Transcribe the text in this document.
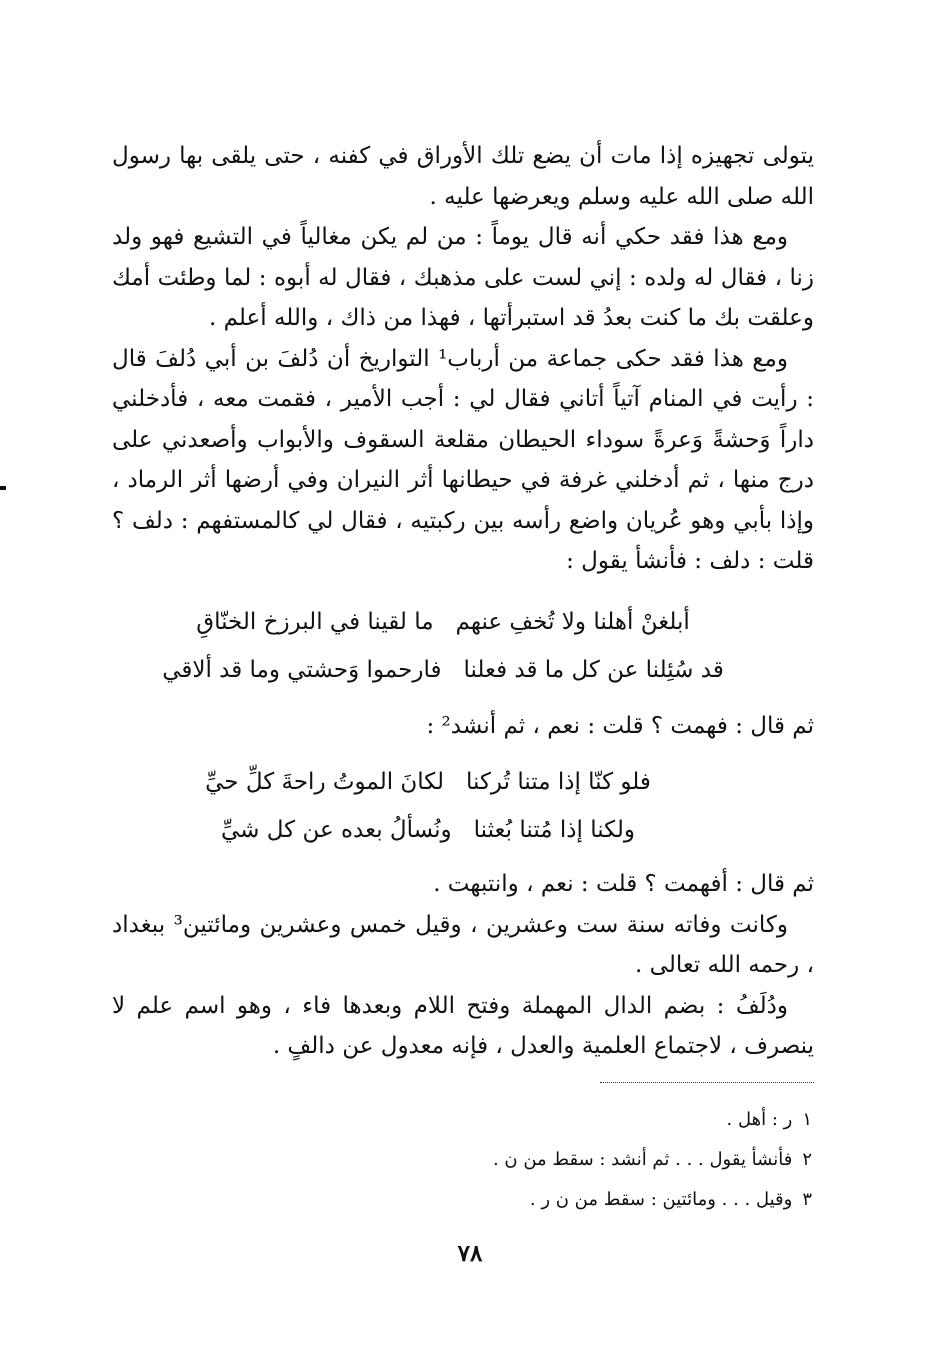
يتولى تجهيزه إذا مات أن يضع تلك الأوراق في كفنه ، حتى يلقى بها رسول الله صلى الله عليه وسلم ويعرضها عليه .

ومع هذا فقد حكي أنه قال يوماً : من لم يكن مغالياً في التشيع فهو ولد زنا ، فقال له ولده : إني لست على مذهبك ، فقال له أبوه : لما وطئت أمك وعلقت بك ما كنت بعدُ قد استبرأتها ، فهذا من ذاك ، والله أعلم .

ومع هذا فقد حكى جماعة من أرباب¹ التواريخ أن دُلفَ بن أبي دُلفَ قال : رأيت في المنام آتياً أتاني فقال لي : أجب الأمير ، فقمت معه ، فأدخلني داراً وَحشةً وَعرةً سوداء الحيطان مقلعة السقوف والأبواب وأصعدني على درج منها ، ثم أدخلني غرفة في حيطانها أثر النيران وفي أرضها أثر الرماد ، وإذا بأبي وهو عُريان واضع رأسه بين ركبتيه ، فقال لي كالمستفهم : دلف ؟ قلت : دلف : فأنشأ يقول :

أبلغنْ أهلنا ولا تُخفِ عنهم
ما لقينا في البرزخ الخنّاقِ
قد سُئِلنا عن كل ما قد فعلنا
فارحموا وَحشتي وما قد ألاقي

ثم قال : فهمت ؟ قلت : نعم ، ثم أنشد² :

فلو كنّا إذا متنا تُركنا
لكانَ الموتُ راحةَ كلِّ حيِّ
ولكنا إذا مُتنا بُعثنا
ونُسألُ بعده عن كل شيِّ

ثم قال : أفهمت ؟ قلت : نعم ، وانتبهت .

وكانت وفاته سنة ست وعشرين ، وقيل خمس وعشرين ومائتين³ ببغداد ، رحمه الله تعالى .

ودُلَفُ : بضم الدال المهملة وفتح اللام وبعدها فاء ، وهو اسم علم لا ينصرف ، لاجتماع العلمية والعدل ، فإنه معدول عن دالفٍ .

١ر : أهل .
٢فأنشأ يقول . . . ثم أنشد : سقط من ن .
٣وقيل . . . ومائتين : سقط من ن ر .
٧٨
